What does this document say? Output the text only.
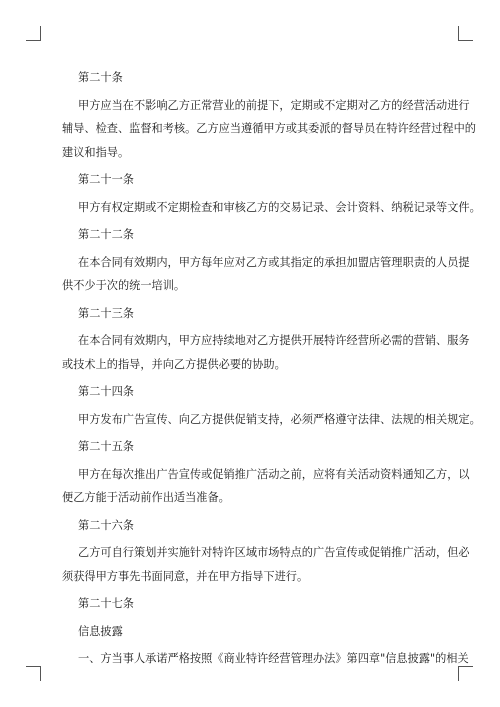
第二十条

甲方应当在不影响乙方正常营业的前提下，定期或不定期对乙方的经营活动进行
辅导、检查、监督和考核。乙方应当遵循甲方或其委派的督导员在特许经营过程中的
建议和指导。

第二十一条

甲方有权定期或不定期检查和审核乙方的交易记录、会计资料、纳税记录等文件。

第二十二条

在本合同有效期内，甲方每年应对乙方或其指定的承担加盟店管理职责的人员提
供不少于次的统一培训。

第二十三条

在本合同有效期内，甲方应持续地对乙方提供开展特许经营所必需的营销、服务
或技术上的指导，并向乙方提供必要的协助。

第二十四条

甲方发布广告宣传、向乙方提供促销支持，必须严格遵守法律、法规的相关规定。

第二十五条

甲方在每次推出广告宣传或促销推广活动之前，应将有关活动资料通知乙方，以
便乙方能于活动前作出适当准备。

第二十六条

乙方可自行策划并实施针对特许区域市场特点的广告宣传或促销推广活动，但必
须获得甲方事先书面同意，并在甲方指导下进行。

第二十七条

信息披露

一、方当事人承诺严格按照《商业特许经营管理办法》第四章"信息披露"的相关
